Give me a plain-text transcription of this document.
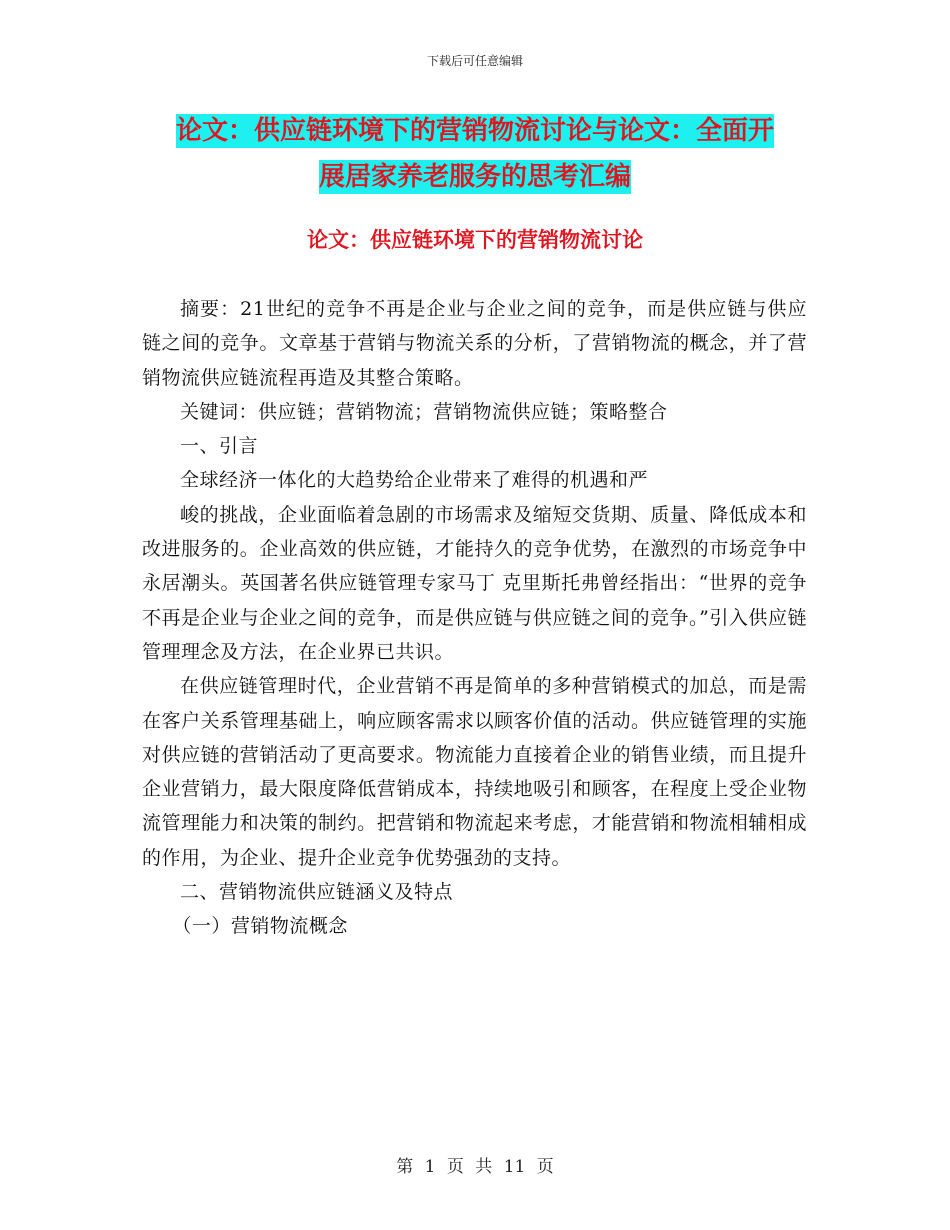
下载后可任意编辑
论文：供应链环境下的营销物流讨论与论文：全面开
展居家养老服务的思考汇编
论文：供应链环境下的营销物流讨论

摘要：21世纪的竞争不再是企业与企业之间的竞争，而是供应链与供应链之间的竞争。文章基于营销与物流关系的分析，了营销物流的概念，并了营销物流供应链流程再造及其整合策略。

关键词：供应链；营销物流；营销物流供应链；策略整合

一、引言

全球经济一体化的大趋势给企业带来了难得的机遇和严

峻的挑战，企业面临着急剧的市场需求及缩短交货期、质量、降低成本和改进服务的。企业高效的供应链，才能持久的竞争优势，在激烈的市场竞争中永居潮头。英国著名供应链管理专家马丁 克里斯托弗曾经指出：“世界的竞争不再是企业与企业之间的竞争，而是供应链与供应链之间的竞争。”引入供应链管理理念及方法，在企业界已共识。

在供应链管理时代，企业营销不再是简单的多种营销模式的加总，而是需在客户关系管理基础上，响应顾客需求以顾客价值的活动。供应链管理的实施对供应链的营销活动了更高要求。物流能力直接着企业的销售业绩，而且提升企业营销力，最大限度降低营销成本，持续地吸引和顾客，在程度上受企业物流管理能力和决策的制约。把营销和物流起来考虑，才能营销和物流相辅相成的作用，为企业、提升企业竞争优势强劲的支持。

二、营销物流供应链涵义及特点

（一）营销物流概念

第 1 页 共 11 页
